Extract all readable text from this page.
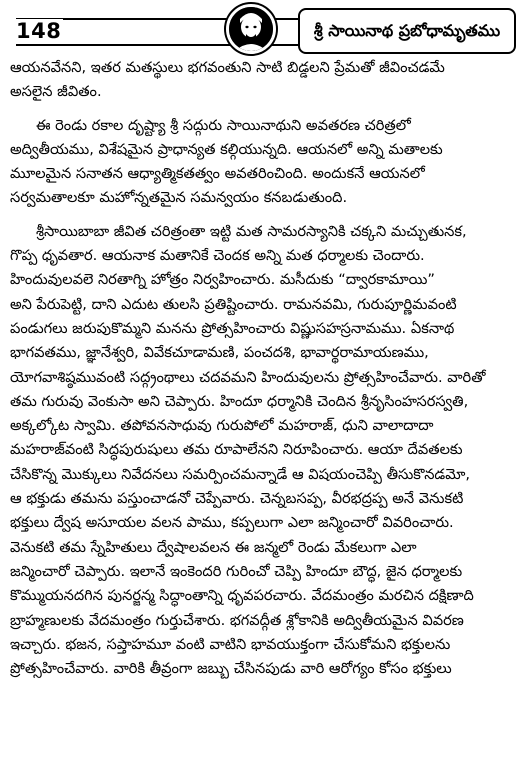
148	శ్రీ సాయినాథ ప్రబోధామృతము
ఆయనవేనని, ఇతర మతస్థులు భగవంతుని సాటి బిడ్డలని ప్రేమతో జీవించడమే
అసలైన జీవితం.
ఈ రెండు రకాల దృష్ట్యా శ్రీ సద్గురు సాయినాథుని అవతరణ చరిత్రలో
అద్వితీయము, విశేషమైన ప్రాధాన్యత కల్గియున్నది. ఆయనలో అన్ని మతాలకు
మూలమైన సనాతన ఆధ్యాత్మికతత్వం అవతరించింది. అందుకనే ఆయనలో
సర్వమతాలకూ మహోన్నతమైన సమన్వయం కనబడుతుంది.
శ్రీసాయిబాబా జీవిత చరిత్రంతా ఇట్టి మత సామరస్యానికి చక్కని మచ్చుతునక,
గొప్ప ధృవతార. ఆయనాక మతానికే చెందక అన్ని మత ధర్మాలకు చెందారు.
హిందువులవలె నిరతాగ్ని హోత్రం నిర్వహించారు. మసీదుకు “ద్వారకామాయి”
అని పేరుపెట్టి, దాని ఎదుట తులసి ప్రతిష్టించారు. రామనవమి, గురుపూర్ణిమవంటి
పండుగలు జరుపుకొమ్మని మనను ప్రోత్సహించారు విష్ణుసహస్రనామము. ఏకనాథ
భాగవతము, జ్ఞానేశ్వరి, వివేకచూడామణి, పంచదశి, భావార్థరామాయణము,
యోగవాశిష్ఠమువంటి సద్గ్రంథాలు చదవమని హిందువులను ప్రోత్సహించేవారు. వారితో
తమ గురువు వెంకుసా అని చెప్పారు. హిందూ ధర్మానికి చెందిన శ్రీనృసింహసరస్వతి,
అక్కల్కోట స్వామి. తపోవనసాధువు గురుపోలో మహరాజ్, ధుని వాలాదాదా
మహరాజ్‌వంటి సిద్ధపురుషులు తమ రూపాలేనని నిరూపించారు. ఆయా దేవతలకు
చేసికొన్న మొక్కులు నివేదనలు సమర్పించమన్నాడే ఆ విషయంచెప్పి తీసుకొనడమో,
ఆ భక్తుడు తమను పస్తుంచాడనో చెప్పేవారు. చెన్నబసప్ప, వీరభద్రప్ప అనే వెనుకటి
భక్తులు ద్వేష అసూయల వలన పాము, కప్పలుగా ఎలా జన్మించారో వివరించారు.
వెనుకటి తమ స్నేహితులు ద్వేషాలవలన ఈ జన్మలో రెండు మేకలుగా ఎలా
జన్మించారో చెప్పారు. ఇలానే ఇంకెందరి గురించో చెప్పి హిందూ బౌద్ధ, జైన ధర్మాలకు
కొమ్ముయనదగిన పునర్జన్మ సిద్ధాంతాన్ని ధృవపరచారు. వేదమంత్రం మరచిన దక్షిణాది
బ్రాహ్మణులకు వేదమంత్రం గుర్తుచేశారు. భగవద్గీత శ్లోకానికి అద్వితీయమైన వివరణ
ఇచ్చారు. భజన, సప్తాహమూ వంటి వాటిని భావయుక్తంగా చేసుకోమని భక్తులను
ప్రోత్సహించేవారు. వారికి తీవ్రంగా జబ్బు చేసినపుడు వారి ఆరోగ్యం కోసం భక్తులు
